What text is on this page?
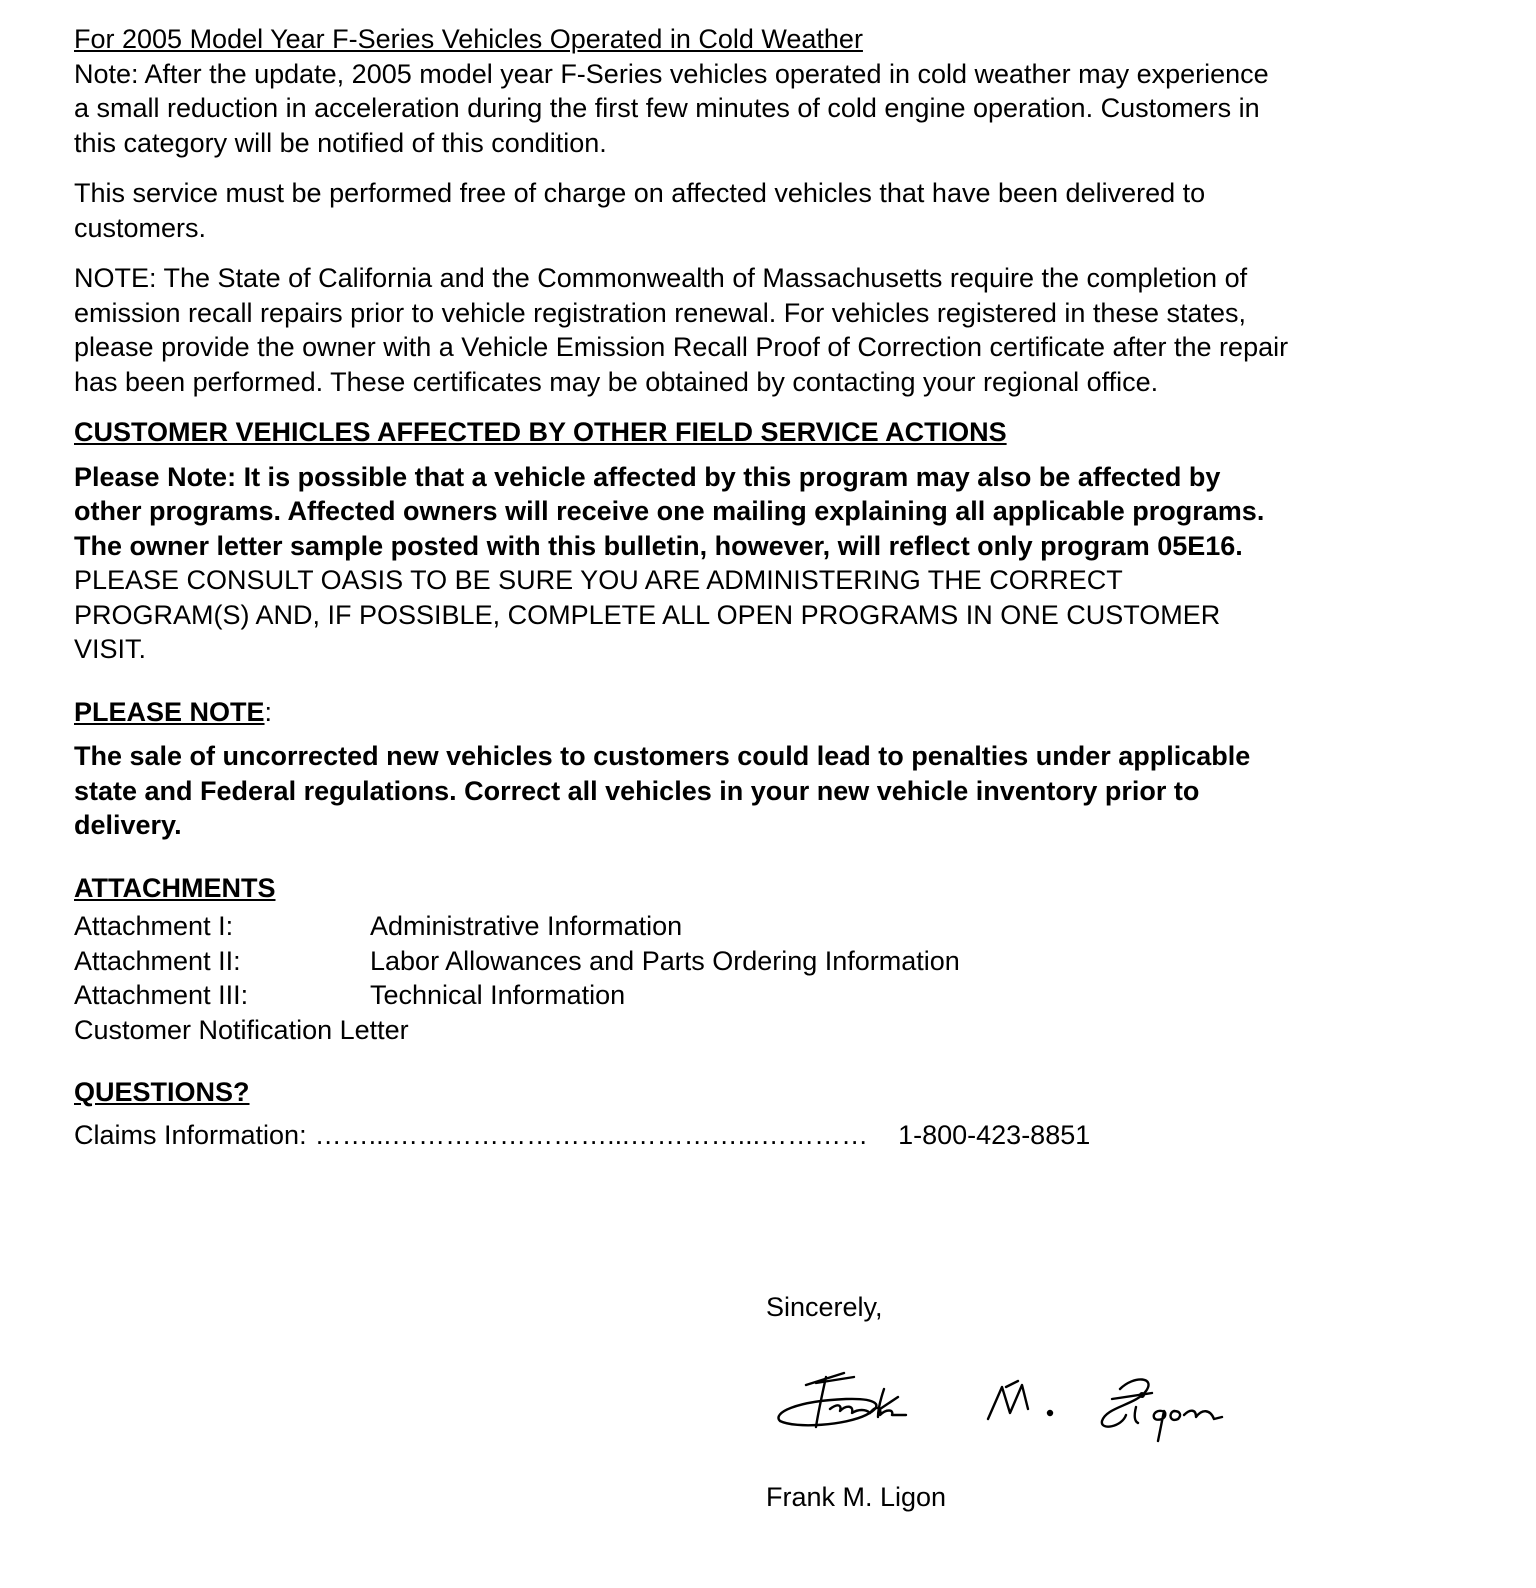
For 2005 Model Year F-Series Vehicles Operated in Cold Weather

Note: After the update, 2005 model year F-Series vehicles operated in cold weather may experience

a small reduction in acceleration during the first few minutes of cold engine operation. Customers in

this category will be notified of this condition.

This service must be performed free of charge on affected vehicles that have been delivered to

customers.

NOTE: The State of California and the Commonwealth of Massachusetts require the completion of

emission recall repairs prior to vehicle registration renewal. For vehicles registered in these states,

please provide the owner with a Vehicle Emission Recall Proof of Correction certificate after the repair

has been performed. These certificates may be obtained by contacting your regional office.

CUSTOMER VEHICLES AFFECTED BY OTHER FIELD SERVICE ACTIONS

Please Note: It is possible that a vehicle affected by this program may also be affected by

other programs. Affected owners will receive one mailing explaining all applicable programs.

The owner letter sample posted with this bulletin, however, will reflect only program 05E16.

PLEASE CONSULT OASIS TO BE SURE YOU ARE ADMINISTERING THE CORRECT

PROGRAM(S) AND, IF POSSIBLE, COMPLETE ALL OPEN PROGRAMS IN ONE CUSTOMER

VISIT.

PLEASE NOTE:

The sale of uncorrected new vehicles to customers could lead to penalties under applicable

state and Federal regulations. Correct all vehicles in your new vehicle inventory prior to

delivery.

ATTACHMENTS

Attachment I:	Administrative Information
Attachment II:	Labor Allowances and Parts Ordering Information
Attachment III:	Technical Information

Customer Notification Letter

QUESTIONS?

Claims Information: ……...……………………...…………...………… 1-800-423-8851

Sincerely,

Frank M. Ligon
